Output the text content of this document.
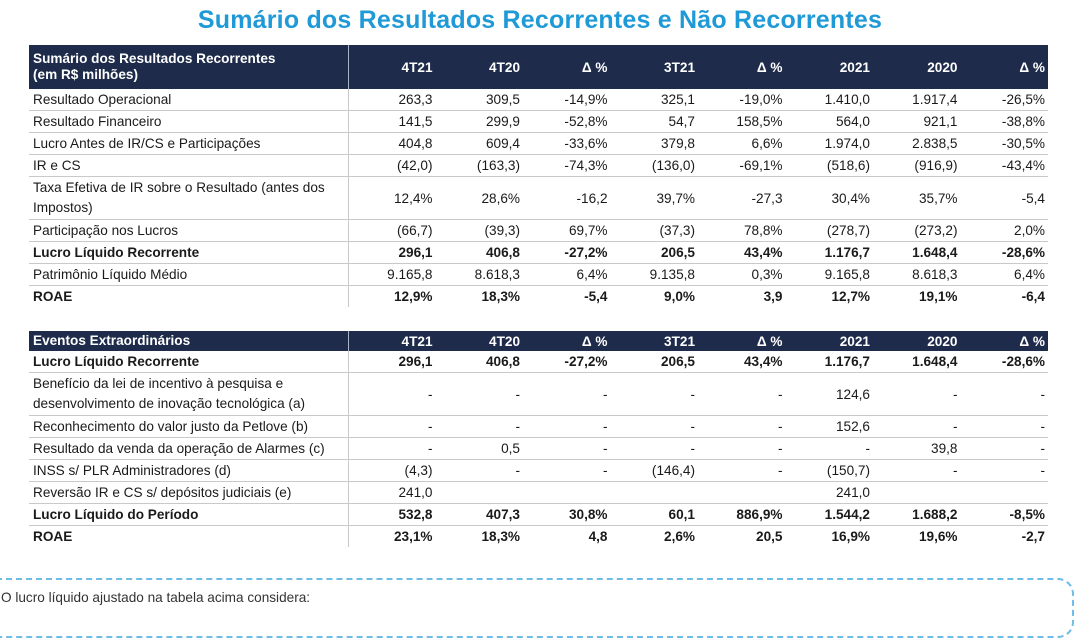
Sumário dos Resultados Recorrentes e Não Recorrentes
Sumário dos Resultados Recorrentes
(em R$ milhões)	4T21	4T20	Δ %	3T21	Δ %	2021	2020	Δ %
Resultado Operacional	263,3	309,5	-14,9%	325,1	-19,0%	1.410,0	1.917,4	-26,5%
Resultado Financeiro	141,5	299,9	-52,8%	54,7	158,5%	564,0	921,1	-38,8%
Lucro Antes de IR/CS e Participações	404,8	609,4	-33,6%	379,8	6,6%	1.974,0	2.838,5	-30,5%
IR e CS	(42,0)	(163,3)	-74,3%	(136,0)	-69,1%	(518,6)	(916,9)	-43,4%
Taxa Efetiva de IR sobre o Resultado (antes dos Impostos)	12,4%	28,6%	-16,2	39,7%	-27,3	30,4%	35,7%	-5,4
Participação nos Lucros	(66,7)	(39,3)	69,7%	(37,3)	78,8%	(278,7)	(273,2)	2,0%
Lucro Líquido Recorrente	296,1	406,8	-27,2%	206,5	43,4%	1.176,7	1.648,4	-28,6%
Patrimônio Líquido Médio	9.165,8	8.618,3	6,4%	9.135,8	0,3%	9.165,8	8.618,3	6,4%
ROAE	12,9%	18,3%	-5,4	9,0%	3,9	12,7%	19,1%	-6,4
Eventos Extraordinários	4T21	4T20	Δ %	3T21	Δ %	2021	2020	Δ %
Lucro Líquido Recorrente	296,1	406,8	-27,2%	206,5	43,4%	1.176,7	1.648,4	-28,6%
Benefício da lei de incentivo à pesquisa e desenvolvimento de inovação tecnológica (a)	-	-	-	-	-	124,6	-	-
Reconhecimento do valor justo da Petlove (b)	-	-	-	-	-	152,6	-	-
Resultado da venda da operação de Alarmes (c)	-	0,5	-	-	-	-	39,8	-
INSS s/ PLR Administradores (d)	(4,3)	-	-	(146,4)	-	(150,7)	-	-
Reversão IR e CS s/ depósitos judiciais (e)	241,0					241,0		
Lucro Líquido do Período	532,8	407,3	30,8%	60,1	886,9%	1.544,2	1.688,2	-8,5%
ROAE	23,1%	18,3%	4,8	2,6%	20,5	16,9%	19,6%	-2,7
O lucro líquido ajustado na tabela acima considera:
